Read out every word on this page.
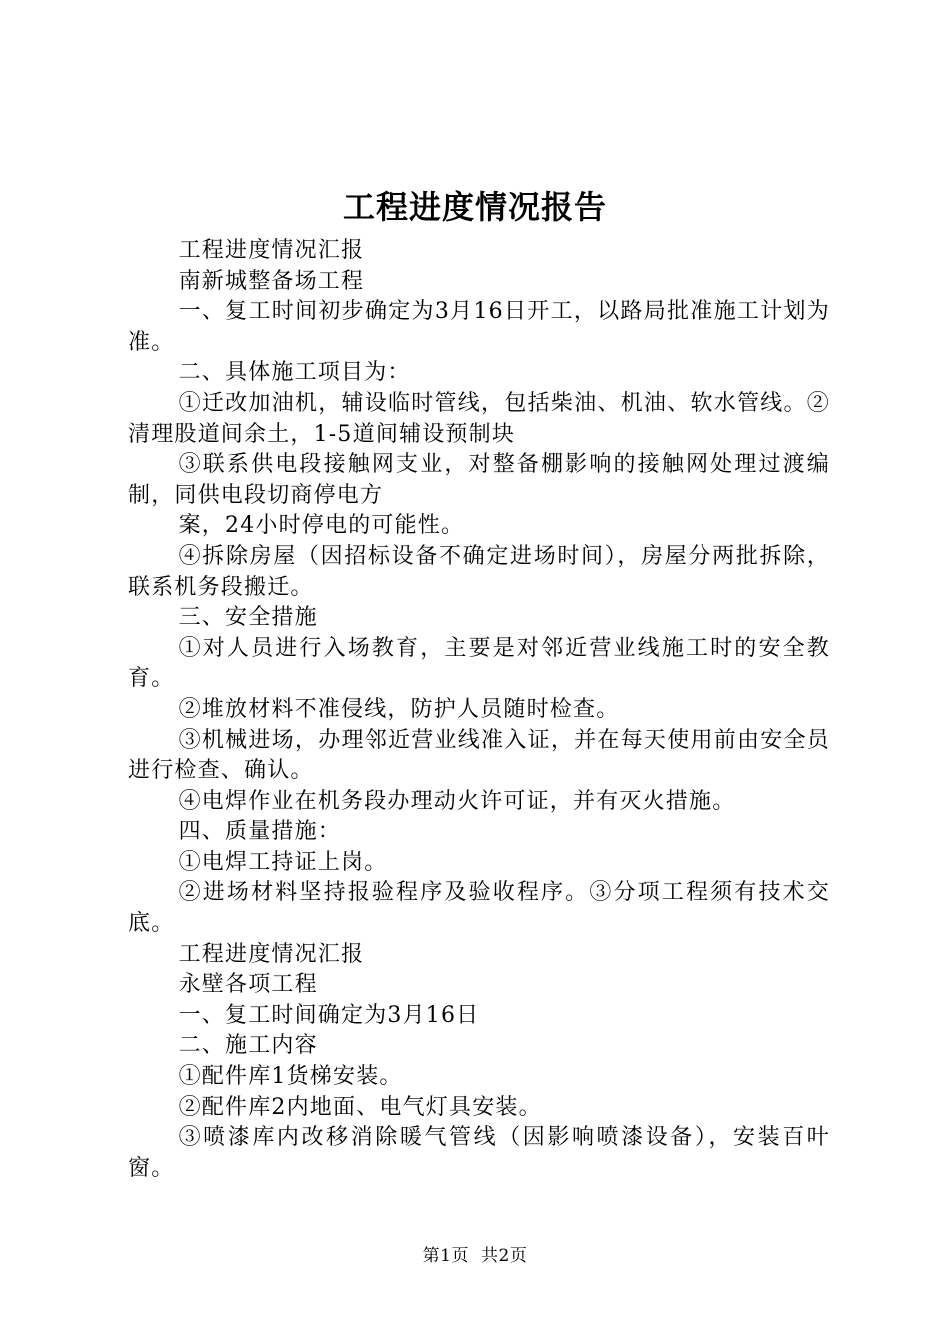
工程进度情况报告

工程进度情况汇报

南新城整备场工程

一、复工时间初步确定为3月16日开工，以路局批准施工计划为准。

二、具体施工项目为：

①迁改加油机，辅设临时管线，包括柴油、机油、软水管线。②清理股道间余土，1-5道间辅设预制块

③联系供电段接触网支业，对整备棚影响的接触网处理过渡编制，同供电段切商停电方

案，24小时停电的可能性。

④拆除房屋（因招标设备不确定进场时间），房屋分两批拆除，联系机务段搬迁。

三、安全措施

①对人员进行入场教育，主要是对邻近营业线施工时的安全教育。

②堆放材料不准侵线，防护人员随时检查。

③机械进场，办理邻近营业线准入证，并在每天使用前由安全员进行检查、确认。

④电焊作业在机务段办理动火许可证，并有灭火措施。

四、质量措施：

①电焊工持证上岗。

②进场材料坚持报验程序及验收程序。③分项工程须有技术交底。

工程进度情况汇报

永壁各项工程

一、复工时间确定为3月16日

二、施工内容

①配件库1货梯安装。

②配件库2内地面、电气灯具安装。

③喷漆库内改移消除暖气管线（因影响喷漆设备），安装百叶窗。

第1页 共2页
